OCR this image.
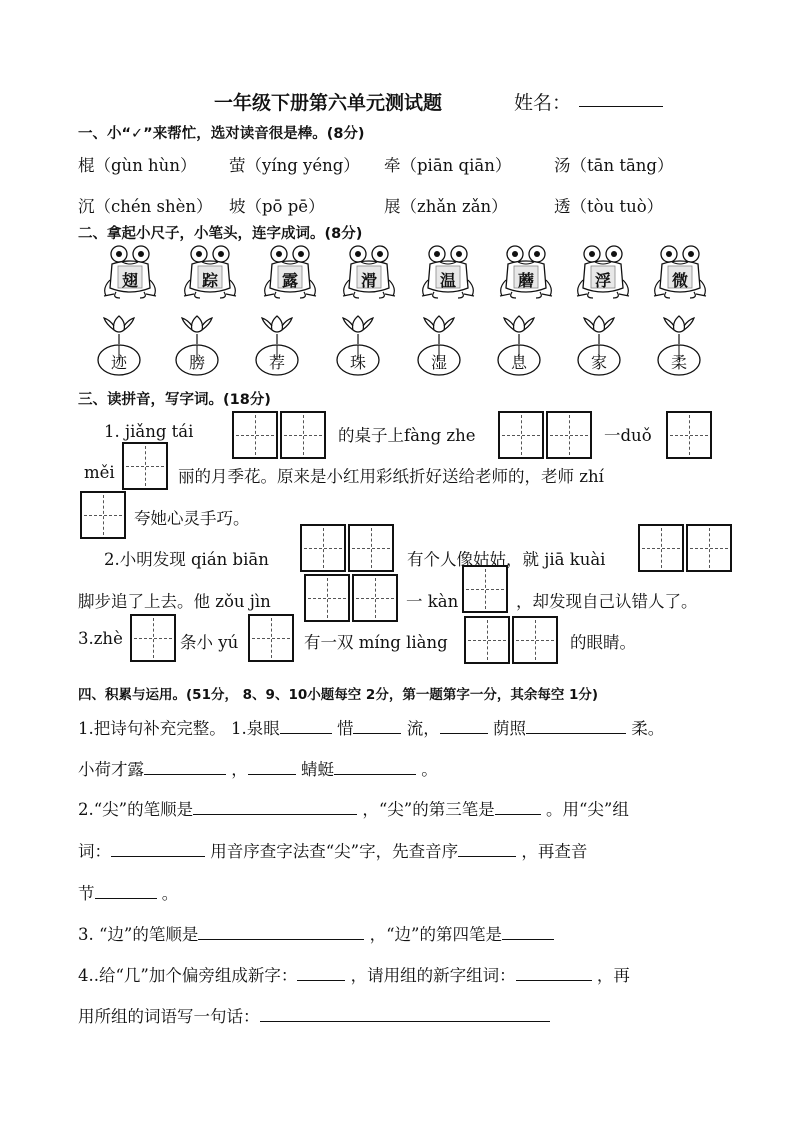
一年级下册第六单元测试题	姓名：
一、小“✓”来帮忙，选对读音很是棒。(8分)
棍（gùn hùn） 萤（yíng yéng） 牵（piān qiān）	汤（tān tāng）
沉（chén shèn） 坡（pō pē）	展（zhǎn zǎn）	透（tòu tuò）
二、拿起小尺子，小笔头，连字成词。(8分)
翅	踪	露	滑	温	蘑	浮	微
迹	膀	荐	珠	湿	息	家	柔
三、读拼音，写字词。(18分)
1. jiǎng tái	的桌子上fàng zhe	一duǒ
měi	丽的月季花。原来是小红用彩纸折好送给老师的，老师 zhí
夸她心灵手巧。
2.小明发现 qián biān	有个人像姑姑，就 jiā kuài
脚步追了上去。他 zǒu jìn	一 kàn	，却发现自己认错人了。
3.zhè	条小 yú	有一双 míng liàng	的眼睛。
四、积累与运用。(51分， 8、9、10小题每空 2分，第一题第字一分，其余每空 1分)
1.把诗句补充完整。 1.泉眼	惜	流，	荫照	柔。
小荷才露	，	蜻蜓	。
2.“尖”的笔顺是	，“尖”的第三笔是	。用“尖”组
词：	用音序查字法查“尖”字，先查音序	，再查音
节	。
3. “边”的笔顺是	，“边”的第四笔是
4..给“几”加个偏旁组成新字：	，请用组的新字组词：	，再
用所组的词语写一句话：
